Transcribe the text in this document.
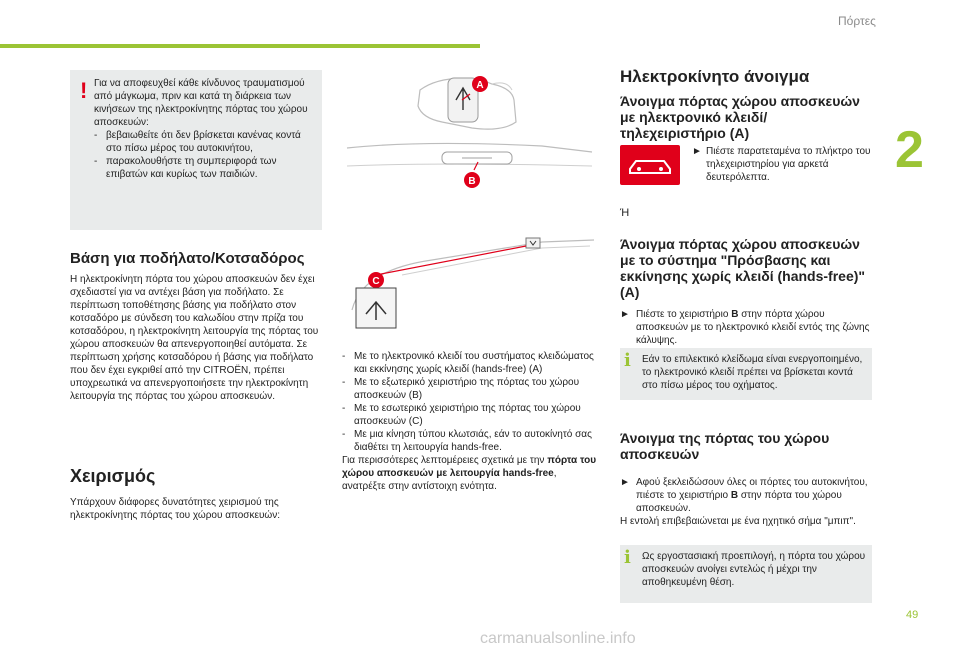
Πόρτες
2
49
carmanualsonline.info
! Για να αποφευχθεί κάθε κίνδυνος τραυματισμού από μάγκωμα, πριν και κατά τη διάρκεια των κινήσεων της ηλεκτροκίνητης πόρτας του χώρου αποσκευών:
- βεβαιωθείτε ότι δεν βρίσκεται κανένας κοντά στο πίσω μέρος του αυτοκινήτου,
- παρακολουθήστε τη συμπεριφορά των επιβατών και κυρίως των παιδιών.
Βάση για ποδήλατο/Κοτσαδόρος

Η ηλεκτροκίνητη πόρτα του χώρου αποσκευών δεν έχει σχεδιαστεί για να αντέχει βάση για ποδήλατο. Σε περίπτωση τοποθέτησης βάσης για ποδήλατο στον κοτσαδόρο με σύνδεση του καλωδίου στην πρίζα του κοτσαδόρου, η ηλεκτροκίνητη λειτουργία της πόρτας του χώρου αποσκευών θα απενεργοποιηθεί αυτόματα. Σε περίπτωση χρήσης κοτσαδόρου ή βάσης για ποδήλατο που δεν έχει εγκριθεί από την CITROËN, πρέπει υποχρεωτικά να απενεργοποιήσετε την ηλεκτροκίνητη λειτουργία της πόρτας του χώρου αποσκευών.

Χειρισμός

Υπάρχουν διάφορες δυνατότητες χειρισμού της ηλεκτροκίνητης πόρτας του χώρου αποσκευών:

A
B
C
- Με το ηλεκτρονικό κλειδί του συστήματος κλειδώματος και εκκίνησης χωρίς κλειδί (hands-free) (A)
- Με το εξωτερικό χειριστήριο της πόρτας του χώρου αποσκευών (B)
- Με το εσωτερικό χειριστήριο της πόρτας του χώρου αποσκευών (C)
- Με μια κίνηση τύπου κλωτσιάς, εάν το αυτοκίνητό σας διαθέτει τη λειτουργία hands-free.
Για περισσότερες λεπτομέρειες σχετικά με την πόρτα του χώρου αποσκευών με λειτουργία hands-free, ανατρέξτε στην αντίστοιχη ενότητα.
Ηλεκτροκίνητο άνοιγμα
Άνοιγμα πόρτας χώρου αποσκευών με ηλεκτρονικό κλειδί/τηλεχειριστήριο (A)
► Πιέστε παρατεταμένα το πλήκτρο του τηλεχειριστηρίου για αρκετά δευτερόλεπτα.

Ή
Άνοιγμα πόρτας χώρου αποσκευών με το σύστημα "Πρόσβασης και εκκίνησης χωρίς κλειδί (hands-free)" (A)
► Πιέστε το χειριστήριο B στην πόρτα χώρου αποσκευών με το ηλεκτρονικό κλειδί εντός της ζώνης κάλυψης.

i	Εάν το επιλεκτικό κλείδωμα είναι ενεργοποιημένο, το ηλεκτρονικό κλειδί πρέπει να βρίσκεται κοντά στο πίσω μέρος του οχήματος.
Άνοιγμα της πόρτας του χώρου αποσκευών
► Αφού ξεκλειδώσουν όλες οι πόρτες του αυτοκινήτου, πιέστε το χειριστήριο B στην πόρτα του χώρου αποσκευών.

Η εντολή επιβεβαιώνεται με ένα ηχητικό σήμα "μπιπ".

i	Ως εργοστασιακή προεπιλογή, η πόρτα του χώρου αποσκευών ανοίγει εντελώς ή μέχρι την αποθηκευμένη θέση.
